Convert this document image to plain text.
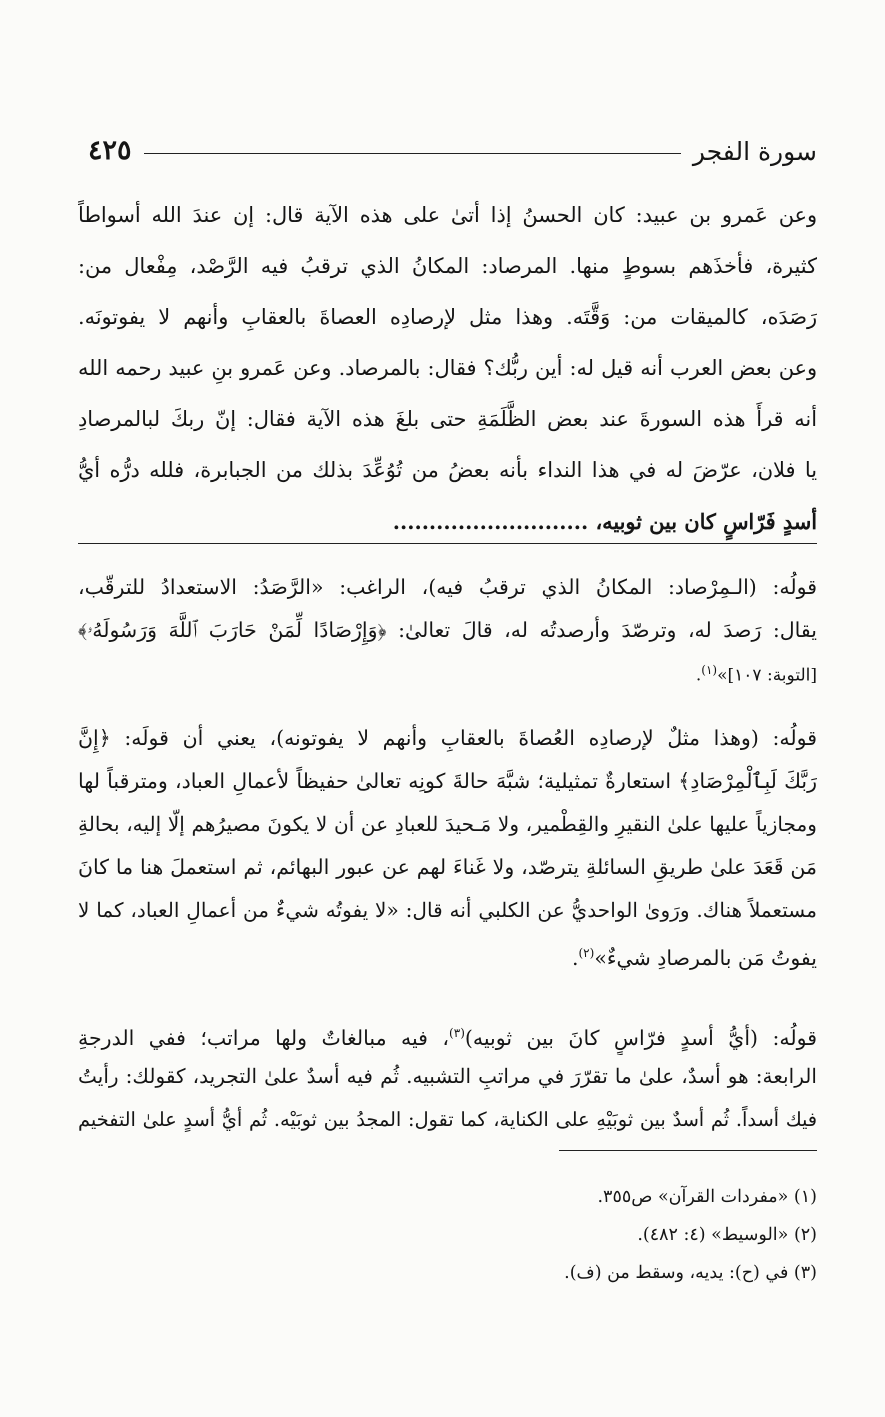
سورة الفجر
٤٢٥
وعن عَمرو بن عبيد: كان الحسنُ إذا أتىٰ على هذه الآية قال: إن عندَ الله أسواطاً
كثيرة، فأخذَهم بسوطٍ منها. المرصاد: المكانُ الذي ترقبُ فيه الرَّصْد، مِفْعال من:
رَصَدَه، كالميقات من: وَقَّتَه. وهذا مثل لإرصادِه العصاةَ بالعقابِ وأنهم لا يفوتونَه.
وعن بعض العرب أنه قيل له: أين ربُّك؟ فقال: بالمرصاد. وعن عَمرو بنِ عبيد رحمه الله
أنه قرأَ هذه السورةَ عند بعض الظَّلَمَةِ حتى بلغَ هذه الآية فقال: إنّ ربكَ لبالمرصادِ
يا فلان، عرّضَ له في هذا النداء بأنه بعضُ من تُوُعِّدَ بذلك من الجبابرة، فلله درُّه أيُّ
أسدٍ فَرّاسٍ كان بين ثوبيه، ...........................
قولُه: (الـمِرْصاد: المكانُ الذي ترقبُ فيه)، الراغب: «الرَّصَدُ: الاستعدادُ للترقّب،
يقال: رَصدَ له، وترصّدَ وأرصدتُه له، قالَ تعالىٰ: ﴿وَإِرْصَادًا لِّمَنْ حَارَبَ ٱللَّهَ وَرَسُولَهُۥ﴾
[التوبة: ١٠٧]»$^{(١)}$.
قولُه: (وهذا مثلٌ لإرصادِه العُصاةَ بالعقابِ وأنهم لا يفوتونه)، يعني أن قولَه: ﴿إِنَّ
رَبَّكَ لَبِٱلْمِرْصَادِ﴾ استعارةٌ تمثيلية؛ شبَّهَ حالةَ كونِه تعالىٰ حفيظاً لأعمالِ العباد، ومترقباً لها
ومجازياً عليها علىٰ النقيرِ والقِطْمير، ولا مَـحيدَ للعبادِ عن أن لا يكونَ مصيرُهم إلّا إليه، بحالةِ
مَن قَعَدَ علىٰ طريقِ السائلةِ يترصّد، ولا غَناءَ لهم عن عبور البهائم، ثم استعملَ هنا ما كانَ
مستعملاً هناك. ورَوىٰ الواحديُّ عن الكلبي أنه قال: «لا يفوتُه شيءٌ من أعمالِ العباد، كما لا
يفوتُ مَن بالمرصادِ شيءٌ»$^{(٢)}$.
قولُه: (أيُّ أسدٍ فرّاسٍ كانَ بين ثوبيه)$^{(٣)}$، فيه مبالغاتٌ ولها مراتب؛ ففي الدرجةِ
الرابعة: هو أسدٌ، علىٰ ما تقرّرَ في مراتبِ التشبيه. ثُم فيه أسدٌ علىٰ التجريد، كقولك: رأيتُ
فيك أسداً. ثُم أسدٌ بين ثوبَيْهِ على الكناية، كما تقول: المجدُ بين ثوبَيْه. ثُم أيُّ أسدٍ علىٰ التفخيم
(١) «مفردات القرآن» ص٣٥٥.
(٢) «الوسيط» (٤: ٤٨٢).
(٣) في (ح): يديه، وسقط من (ف).
